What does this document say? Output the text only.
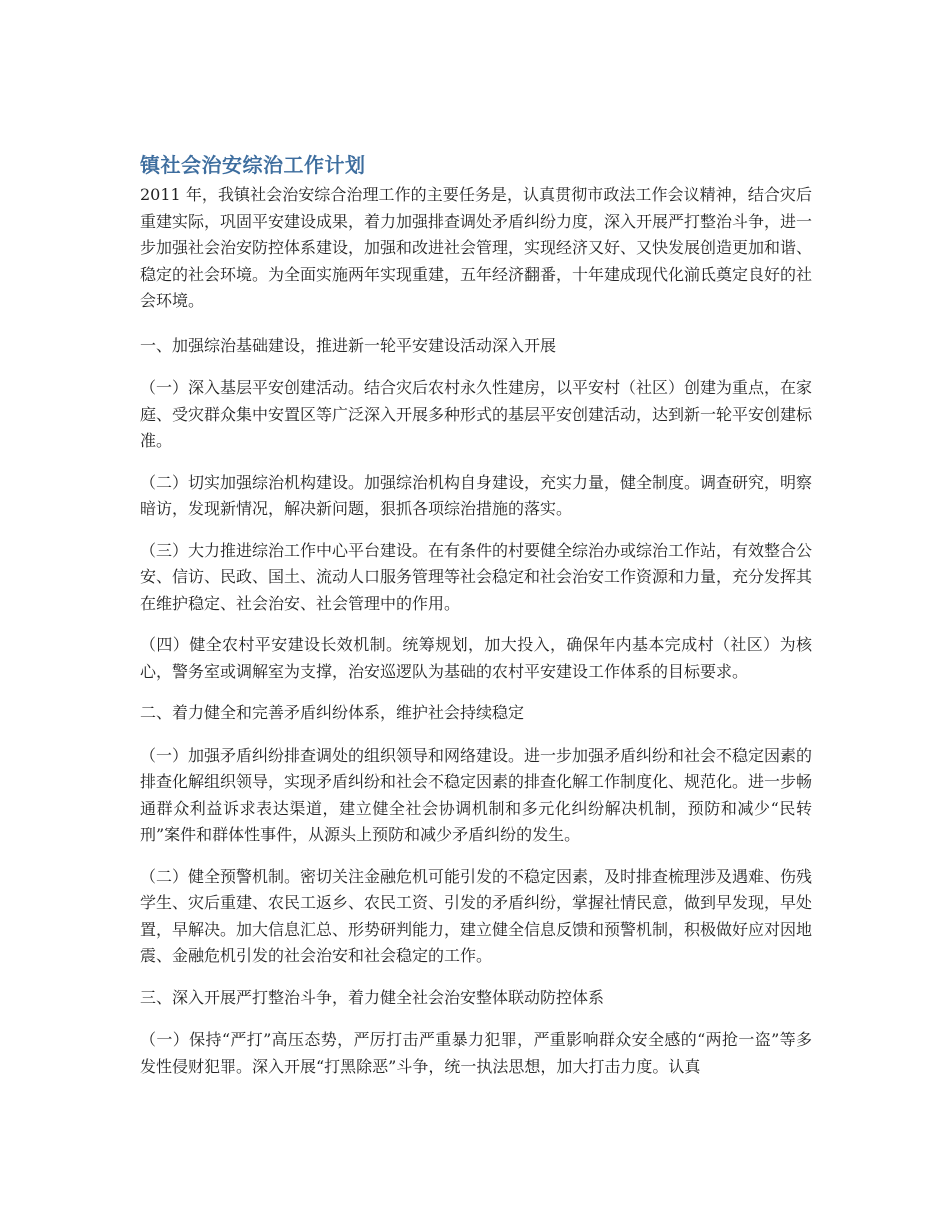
镇社会治安综治工作计划

2011 年，我镇社会治安综合治理工作的主要任务是，认真贯彻市政法工作会议精神，结合灾后重建实际，巩固平安建设成果，着力加强排查调处矛盾纠纷力度，深入开展严打整治斗争，进一步加强社会治安防控体系建设，加强和改进社会管理，实现经济又好、又快发展创造更加和谐、稳定的社会环境。为全面实施两年实现重建，五年经济翻番，十年建成现代化湔氐奠定良好的社会环境。

一、加强综治基础建设，推进新一轮平安建设活动深入开展

（一）深入基层平安创建活动。结合灾后农村永久性建房，以平安村（社区）创建为重点，在家庭、受灾群众集中安置区等广泛深入开展多种形式的基层平安创建活动，达到新一轮平安创建标准。

（二）切实加强综治机构建设。加强综治机构自身建设，充实力量，健全制度。调查研究，明察暗访，发现新情况，解决新问题，狠抓各项综治措施的落实。

（三）大力推进综治工作中心平台建设。在有条件的村要健全综治办或综治工作站，有效整合公安、信访、民政、国土、流动人口服务管理等社会稳定和社会治安工作资源和力量，充分发挥其在维护稳定、社会治安、社会管理中的作用。

（四）健全农村平安建设长效机制。统筹规划，加大投入，确保年内基本完成村（社区）为核心，警务室或调解室为支撑，治安巡逻队为基础的农村平安建设工作体系的目标要求。

二、着力健全和完善矛盾纠纷体系，维护社会持续稳定

（一）加强矛盾纠纷排查调处的组织领导和网络建设。进一步加强矛盾纠纷和社会不稳定因素的排查化解组织领导，实现矛盾纠纷和社会不稳定因素的排查化解工作制度化、规范化。进一步畅通群众利益诉求表达渠道，建立健全社会协调机制和多元化纠纷解决机制，预防和减少“民转刑”案件和群体性事件，从源头上预防和减少矛盾纠纷的发生。

（二）健全预警机制。密切关注金融危机可能引发的不稳定因素，及时排查梳理涉及遇难、伤残学生、灾后重建、农民工返乡、农民工资、引发的矛盾纠纷，掌握社情民意，做到早发现，早处置，早解决。加大信息汇总、形势研判能力，建立健全信息反馈和预警机制，积极做好应对因地震、金融危机引发的社会治安和社会稳定的工作。

三、深入开展严打整治斗争，着力健全社会治安整体联动防控体系

（一）保持“严打”高压态势，严厉打击严重暴力犯罪，严重影响群众安全感的“两抢一盗”等多发性侵财犯罪。深入开展“打黑除恶”斗争，统一执法思想，加大打击力度。认真
